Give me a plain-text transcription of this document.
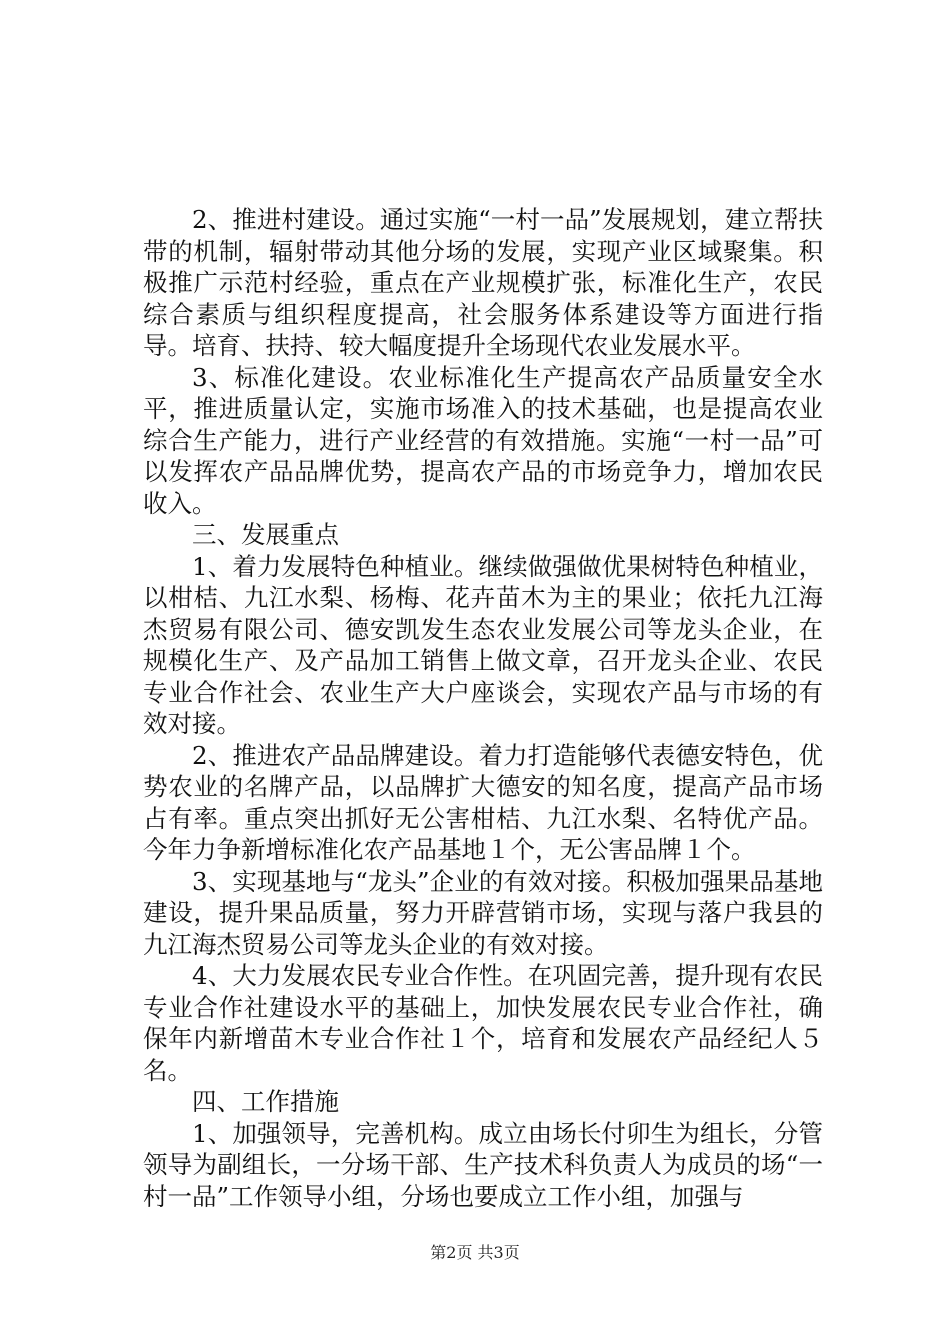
2、推进村建设。通过实施“一村一品”发展规划，建立帮扶带的机制，辐射带动其他分场的发展，实现产业区域聚集。积极推广示范村经验，重点在产业规模扩张，标准化生产，农民综合素质与组织程度提高，社会服务体系建设等方面进行指导。培育、扶持、较大幅度提升全场现代农业发展水平。

3、标准化建设。农业标准化生产提高农产品质量安全水平，推进质量认定，实施市场准入的技术基础，也是提高农业综合生产能力，进行产业经营的有效措施。实施“一村一品”可以发挥农产品品牌优势，提高农产品的市场竞争力，增加农民收入。

三、发展重点

1、着力发展特色种植业。继续做强做优果树特色种植业，以柑桔、九江水梨、杨梅、花卉苗木为主的果业；依托九江海杰贸易有限公司、德安凯发生态农业发展公司等龙头企业，在规模化生产、及产品加工销售上做文章，召开龙头企业、农民专业合作社会、农业生产大户座谈会，实现农产品与市场的有效对接。

2、推进农产品品牌建设。着力打造能够代表德安特色，优势农业的名牌产品，以品牌扩大德安的知名度，提高产品市场占有率。重点突出抓好无公害柑桔、九江水梨、名特优产品。今年力争新增标准化农产品基地１个，无公害品牌１个。

3、实现基地与“龙头”企业的有效对接。积极加强果品基地建设，提升果品质量，努力开辟营销市场，实现与落户我县的九江海杰贸易公司等龙头企业的有效对接。

4、大力发展农民专业合作性。在巩固完善，提升现有农民专业合作社建设水平的基础上，加快发展农民专业合作社，确保年内新增苗木专业合作社１个，培育和发展农产品经纪人５名。

四、工作措施

1、加强领导，完善机构。成立由场长付卯生为组长，分管领导为副组长，一分场干部、生产技术科负责人为成员的场“一村一品”工作领导小组，分场也要成立工作小组，加强与

第2页 共3页
